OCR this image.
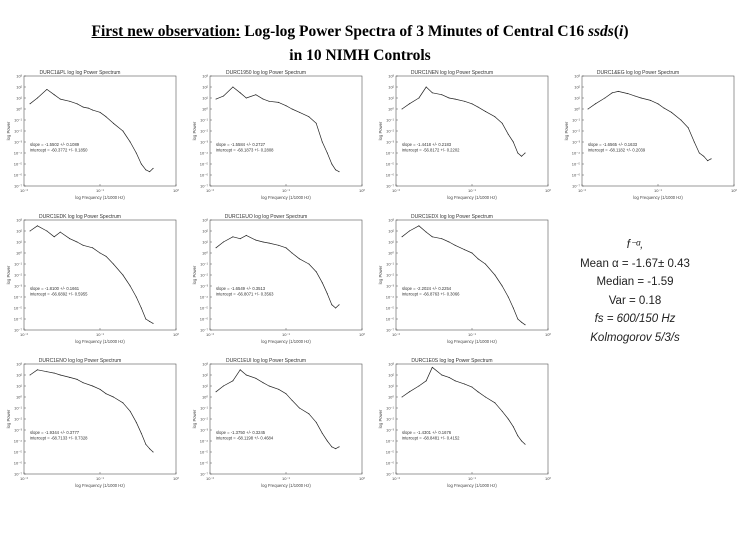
First new observation: Log-log Power Spectra of 3 Minutes of Central C16 ssds(i)
in 10 NIMH Controls
DURC1&PL log log Power Spectrum
10⁻⁷
10⁻⁶
10⁻⁵
10⁻⁴
10⁻³
10⁻²
10⁻¹
10⁰
10¹
10²
10³
10⁻²	10⁻¹	10⁰
log Frequency (1/1000 Hz)
log Power
slope = -1.5502 +/- 0.1089
intercept = -60.3772 +/- 0.1850
DURC1950 log log Power Spectrum
10⁻⁷
10⁻⁶
10⁻⁵
10⁻⁴
10⁻³
10⁻²
10⁻¹
10⁰
10¹
10²
10³
10⁻²	10⁻¹	10⁰
log Frequency (1/1000 Hz)
log Power
slope = -1.5584 +/- 0.2727
intercept = -68.1873 +/- 0.2808
DURC1NEN log log Power Spectrum
10⁻⁷
10⁻⁶
10⁻⁵
10⁻⁴
10⁻³
10⁻²
10⁻¹
10⁰
10¹
10²
10³
10⁻²	10⁻¹	10⁰
log Frequency (1/1000 Hz)
log Power
slope = -1.4418 +/- 0.2183
intercept = -56.8172 +/- 0.2202
DURC1&EG log log Power Spectrum
10⁻⁷
10⁻⁶
10⁻⁵
10⁻⁴
10⁻³
10⁻²
10⁻¹
10⁰
10¹
10²
10³
10⁻²	10⁻¹	10⁰
log Frequency (1/1000 Hz)
log Power
slope = -1.6565 +/- 0.1633
intercept = -68.1182 +/- 0.2039
DURC1EDK log log Power Spectrum
10⁻⁷
10⁻⁶
10⁻⁵
10⁻⁴
10⁻³
10⁻²
10⁻¹
10⁰
10¹
10²
10³
10⁻²	10⁻¹	10⁰
log Frequency (1/1000 Hz)
log Power
slope = -1.8100 +/- 0.1661
intercept = -66.6892 +/- 0.5955
DURC1EUO log log Power Spectrum
10⁻⁷
10⁻⁶
10⁻⁵
10⁻⁴
10⁻³
10⁻²
10⁻¹
10⁰
10¹
10²
10³
10⁻²	10⁻¹	10⁰
log Frequency (1/1000 Hz)
log Power
slope = -1.6549 +/- 0.3513
intercept = -66.8071 +/- 0.3563
DURC1EDX log log Power Spectrum
10⁻⁷
10⁻⁶
10⁻⁵
10⁻⁴
10⁻³
10⁻²
10⁻¹
10⁰
10¹
10²
10³
10⁻²	10⁻¹	10⁰
log Frequency (1/1000 Hz)
log Power
slope = -2.2024 +/- 0.2254
intercept = -66.8763 +/- 0.3066
DURC1ENO log log Power Spectrum
10⁻⁷
10⁻⁶
10⁻⁵
10⁻⁴
10⁻³
10⁻²
10⁻¹
10⁰
10¹
10²
10³
10⁻²	10⁻¹	10⁰
log Frequency (1/1000 Hz)
log Power
slope = -1.9344 +/- 0.3777
intercept = -68.7133 +/- 0.7328
DURC1EUI log log Power Spectrum
10⁻⁷
10⁻⁶
10⁻⁵
10⁻⁴
10⁻³
10⁻²
10⁻¹
10⁰
10¹
10²
10³
10⁻²	10⁻¹	10⁰
log Frequency (1/1000 Hz)
log Power
slope = -1.3750 +/- 0.3245
intercept = -68.1198 +/- 0.4684
DURC1E0S log log Power Spectrum
10⁻⁷
10⁻⁶
10⁻⁵
10⁻⁴
10⁻³
10⁻²
10⁻¹
10⁰
10¹
10²
10³
10⁻²	10⁻¹	10⁰
log Frequency (1/1000 Hz)
log Power
slope = -1.4301 +/- 0.1676
intercept = -68.8481 +/- 0.4152
f⁻ᵅ,
Mean α = -1.67± 0.43
Median = -1.59
Var = 0.18
fs = 600/150 Hz
Kolmogorov 5/3/s
